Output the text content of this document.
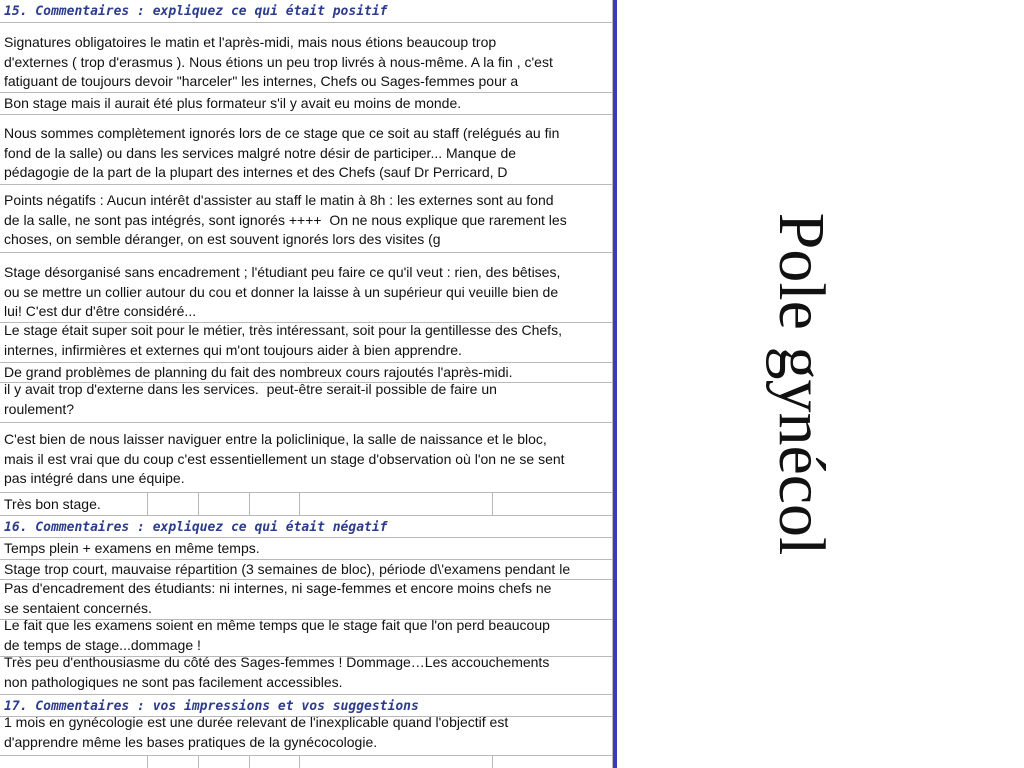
15. Commentaires : expliquez ce qui était positif
Signatures obligatoires le matin et l'après-midi, mais nous étions beaucoup trop
d'externes ( trop d'erasmus ). Nous étions un peu trop livrés à nous-même. A la fin , c'est
fatiguant de toujours devoir "harceler" les internes, Chefs ou Sages-femmes pour a
Bon stage mais il aurait été plus formateur s'il y avait eu moins de monde.
Nous sommes complètement ignorés lors de ce stage que ce soit au staff (relégués au fin
fond de la salle) ou dans les services malgré notre désir de participer... Manque de
pédagogie de la part de la plupart des internes et des Chefs (sauf Dr Perricard, D
Points négatifs : Aucun intérêt d'assister au staff le matin à 8h : les externes sont au fond
de la salle, ne sont pas intégrés, sont ignorés ++++  On ne nous explique que rarement les
choses, on semble déranger, on est souvent ignorés lors des visites (g
Stage désorganisé sans encadrement ; l'étudiant peu faire ce qu'il veut : rien, des bêtises,
ou se mettre un collier autour du cou et donner la laisse à un supérieur qui veuille bien de
lui! C'est dur d'être considéré...
Le stage était super soit pour le métier, très intéressant, soit pour la gentillesse des Chefs,
internes, infirmières et externes qui m'ont toujours aider à bien apprendre.
De grand problèmes de planning du fait des nombreux cours rajoutés l'après-midi.
il y avait trop d'externe dans les services.  peut-être serait-il possible de faire un
roulement?
C'est bien de nous laisser naviguer entre la policlinique, la salle de naissance et le bloc,
mais il est vrai que du coup c'est essentiellement un stage d'observation où l'on ne se sent
pas intégré dans une équipe.
Très bon stage.
16. Commentaires : expliquez ce qui était négatif
Temps plein + examens en même temps.
Stage trop court, mauvaise répartition (3 semaines de bloc), période d\'examens pendant le
Pas d'encadrement des étudiants: ni internes, ni sage-femmes et encore moins chefs ne
se sentaient concernés.
Le fait que les examens soient en même temps que le stage fait que l'on perd beaucoup
de temps de stage...dommage !
Très peu d'enthousiasme du côté des Sages-femmes ! Dommage…Les accouchements
non pathologiques ne sont pas facilement accessibles.
17. Commentaires : vos impressions et vos suggestions
1 mois en gynécologie est une durée relevant de l'inexplicable quand l'objectif est
d'apprendre même les bases pratiques de la gynécocologie.
Pole gynécol
